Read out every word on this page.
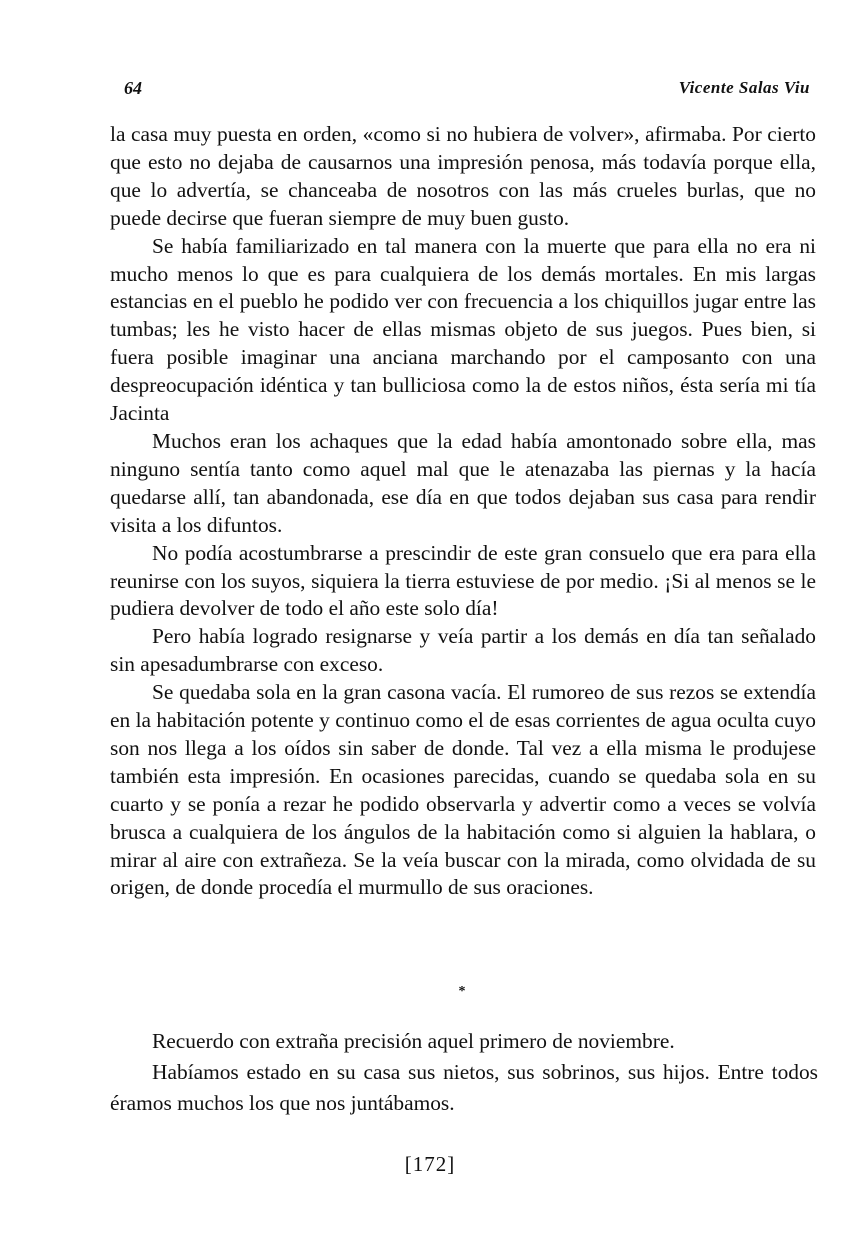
64	Vicente Salas Viu

la casa muy puesta en orden, «como si no hubiera de volver», afirmaba. Por cierto que esto no dejaba de causarnos una impresión penosa, más todavía porque ella, que lo advertía, se chanceaba de nosotros con las más crueles burlas, que no puede decirse que fueran siempre de muy buen gusto.

Se había familiarizado en tal manera con la muerte que para ella no era ni mucho menos lo que es para cualquiera de los demás mortales. En mis largas estancias en el pueblo he podido ver con frecuencia a los chiquillos jugar entre las tumbas; les he visto hacer de ellas mismas objeto de sus juegos. Pues bien, si fuera posible imaginar una anciana marchando por el camposanto con una despreocupación idéntica y tan bulliciosa como la de estos niños, ésta sería mi tía Jacinta

Muchos eran los achaques que la edad había amontonado sobre ella, mas ninguno sentía tanto como aquel mal que le atenazaba las piernas y la hacía quedarse allí, tan abandonada, ese día en que todos dejaban sus casa para rendir visita a los difuntos.

No podía acostumbrarse a prescindir de este gran consuelo que era para ella reunirse con los suyos, siquiera la tierra estuviese de por medio. ¡Si al menos se le pudiera devolver de todo el año este solo día!

Pero había logrado resignarse y veía partir a los demás en día tan señalado sin apesadumbrarse con exceso.

Se quedaba sola en la gran casona vacía. El rumoreo de sus rezos se extendía en la habitación potente y continuo como el de esas corrientes de agua oculta cuyo son nos llega a los oídos sin saber de donde. Tal vez a ella misma le produjese también esta impresión. En ocasiones parecidas, cuando se quedaba sola en su cuarto y se ponía a rezar he podido observarla y advertir como a veces se volvía brusca a cualquiera de los ángulos de la habitación como si alguien la hablara, o mirar al aire con extrañeza. Se la veía buscar con la mirada, como olvidada de su origen, de donde procedía el murmullo de sus oraciones.

*

Recuerdo con extraña precisión aquel primero de noviembre.

Habíamos estado en su casa sus nietos, sus sobrinos, sus hijos. Entre todos éramos muchos los que nos juntábamos.

[172]
